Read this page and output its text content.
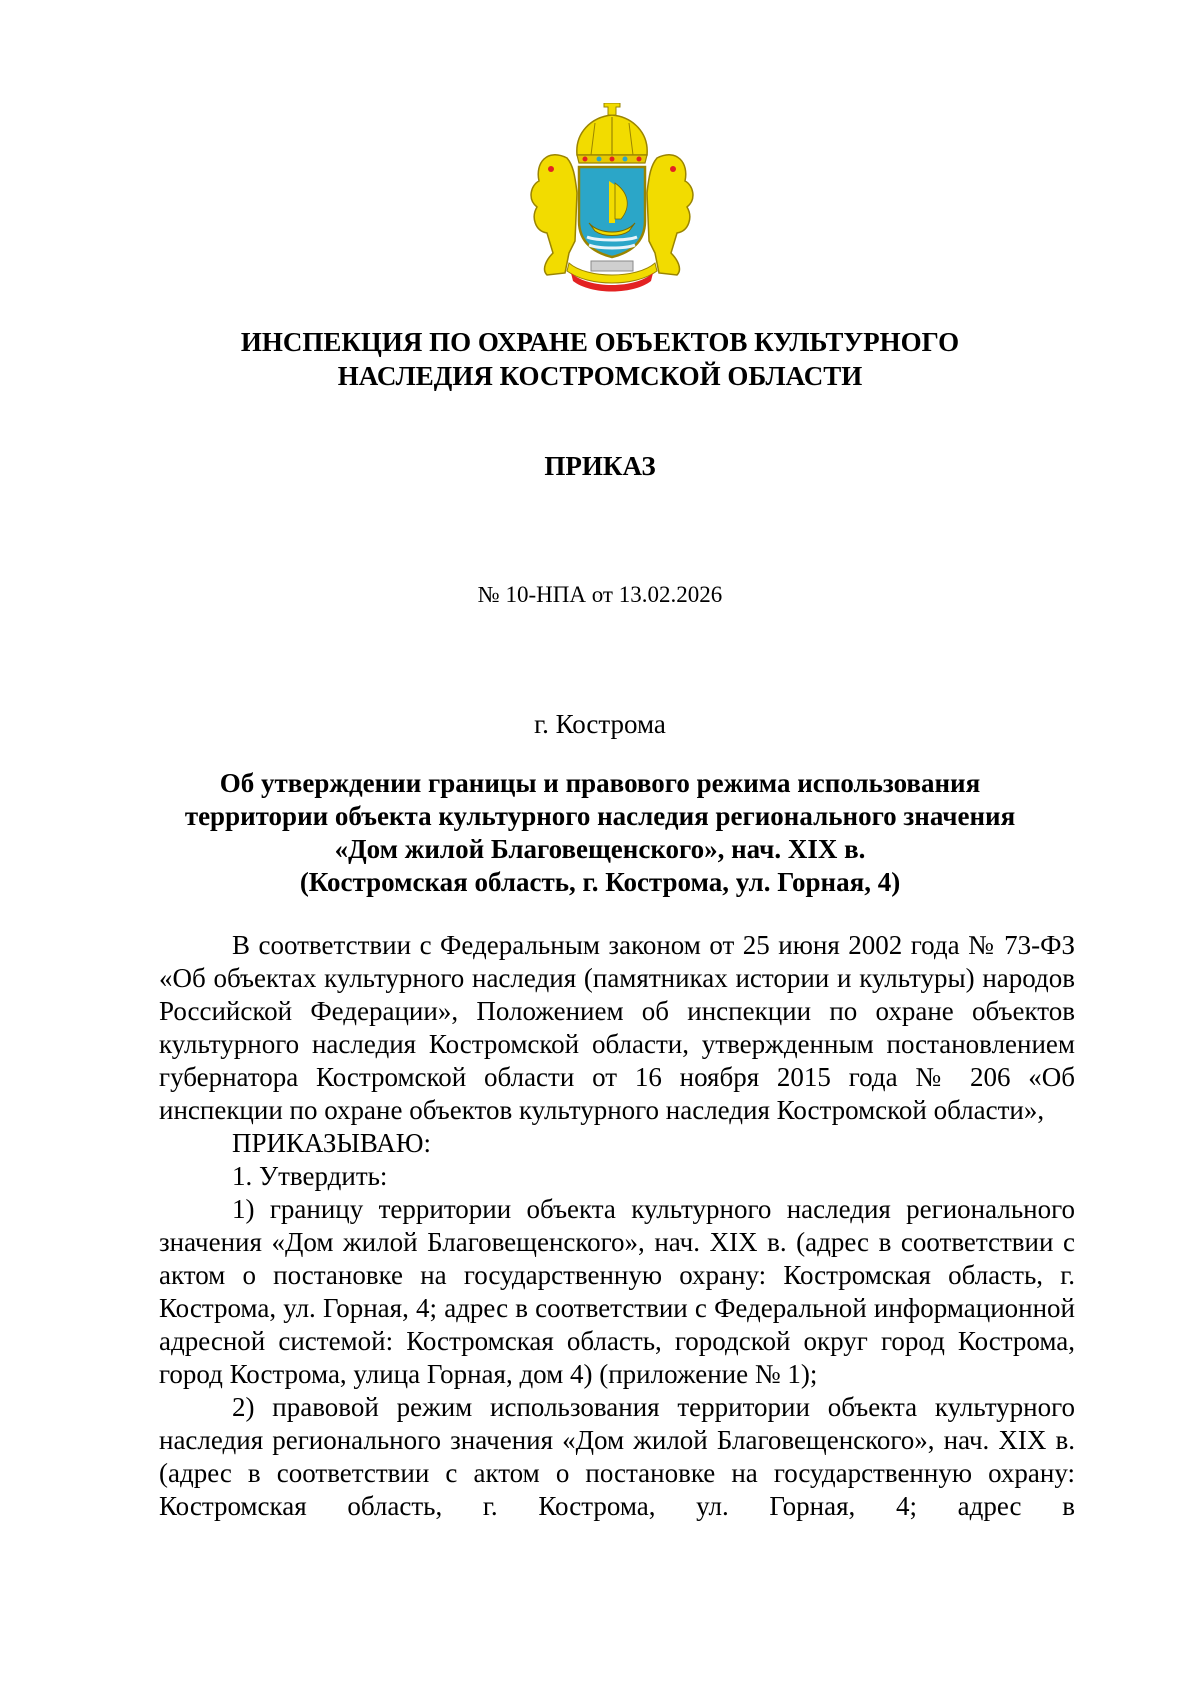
ИНСПЕКЦИЯ ПО ОХРАНЕ ОБЪЕКТОВ КУЛЬТУРНОГО
НАСЛЕДИЯ КОСТРОМСКОЙ ОБЛАСТИ
ПРИКАЗ
№ 10-НПА от 13.02.2026
г. Кострома
Об утверждении границы и правового режима использования
территории объекта культурного наследия регионального значения
«Дом жилой Благовещенского», нач. XIX в.
(Костромская область, г. Кострома, ул. Горная, 4)

В соответствии с Федеральным законом от 25 июня 2002 года № 73-ФЗ «Об объектах культурного наследия (памятниках истории и культуры) народов Российской Федерации», Положением об инспекции по охране объектов культурного наследия Костромской области, утвержденным постановлением губернатора Костромской области от 16 ноября 2015 года № 206 «Об инспекции по охране объектов культурного наследия Костромской области»,

ПРИКАЗЫВАЮ:

1. Утвердить:

1) границу территории объекта культурного наследия регионального значения «Дом жилой Благовещенского», нач. XIX в. (адрес в соответствии с актом о постановке на государственную охрану: Костромская область, г. Кострома, ул. Горная, 4; адрес в соответствии с Федеральной информационной адресной системой: Костромская область, городской округ город Кострома, город Кострома, улица Горная, дом 4) (приложение № 1);

2) правовой режим использования территории объекта культурного наследия регионального значения «Дом жилой Благовещенского», нач. XIX в. (адрес в соответствии с актом о постановке на государственную охрану: Костромская область, г. Кострома, ул. Горная, 4; адрес в
